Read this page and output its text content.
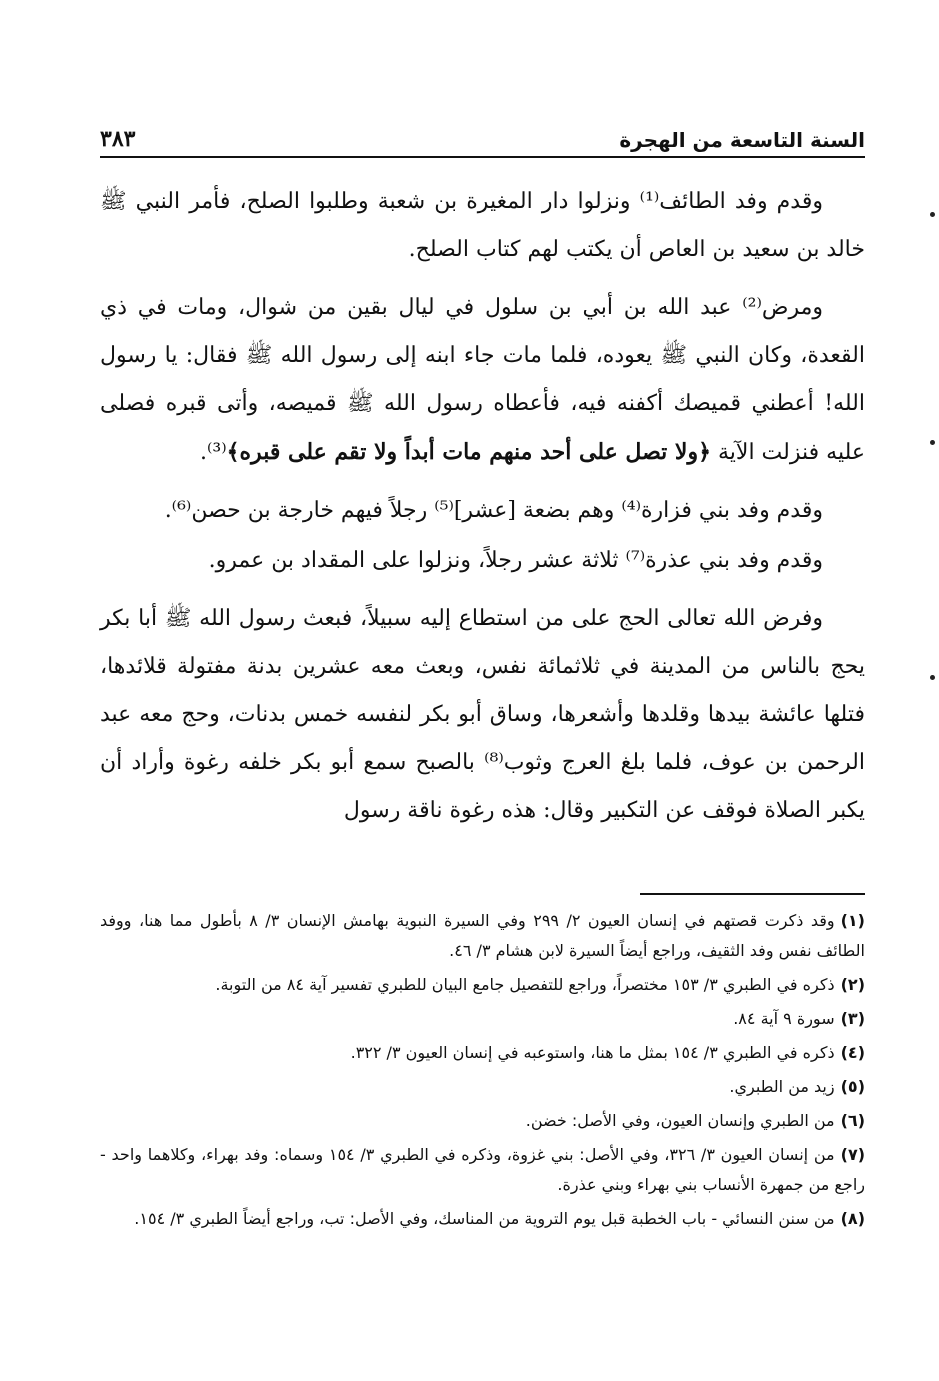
السنة التاسعة من الهجرة
٣٨٣

وقدم وفد الطائف⁽¹⁾ ونزلوا دار المغيرة بن شعبة وطلبوا الصلح، فأمر النبي ﷺ خالد بن سعيد بن العاص أن يكتب لهم كتاب الصلح.

ومرض⁽²⁾ عبد الله بن أبي بن سلول في ليال بقين من شوال، ومات في ذي القعدة، وكان النبي ﷺ يعوده، فلما مات جاء ابنه إلى رسول الله ﷺ فقال: يا رسول الله! أعطني قميصك أكفنه فيه، فأعطاه رسول الله ﷺ قميصه، وأتى قبره فصلى عليه فنزلت الآية ﴿ولا تصل على أحد منهم مات أبداً ولا تقم على قبره﴾⁽³⁾.

وقدم وفد بني فزارة⁽⁴⁾ وهم بضعة [عشر]⁽⁵⁾ رجلاً فيهم خارجة بن حصن⁽⁶⁾.

وقدم وفد بني عذرة⁽⁷⁾ ثلاثة عشر رجلاً، ونزلوا على المقداد بن عمرو.

وفرض الله تعالى الحج على من استطاع إليه سبيلاً، فبعث رسول الله ﷺ أبا بكر يحج بالناس من المدينة في ثلاثمائة نفس، وبعث معه عشرين بدنة مفتولة قلائدها، فتلها عائشة بيدها وقلدها وأشعرها، وساق أبو بكر لنفسه خمس بدنات، وحج معه عبد الرحمن بن عوف، فلما بلغ العرج وثوب⁽⁸⁾ بالصبح سمع أبو بكر خلفه رغوة وأراد أن يكبر الصلاة فوقف عن التكبير وقال: هذه رغوة ناقة رسول

(١)وقد ذكرت قصتهم في إنسان العيون ٢/ ٢٩٩ وفي السيرة النبوية بهامش الإنسان ٣/ ٨ بأطول مما هنا، ووفد الطائف نفس وفد الثقيف، وراجع أيضاً السيرة لابن هشام ٣/ ٤٦.

(٢)ذكره في الطبري ٣/ ١٥٣ مختصراً، وراجع للتفصيل جامع البيان للطبري تفسير آية ٨٤ من التوبة.

(٣)سورة ٩ آية ٨٤.

(٤)ذكره في الطبري ٣/ ١٥٤ بمثل ما هنا، واستوعبه في إنسان العيون ٣/ ٣٢٢.

(٥)زيد من الطبري.

(٦)من الطبري وإنسان العيون، وفي الأصل: خضن.

(٧)من إنسان العيون ٣/ ٣٢٦، وفي الأصل: بني غزوة، وذكره في الطبري ٣/ ١٥٤ وسماه: وفد بهراء، وكلاهما واحد - راجع من جمهرة الأنساب بني بهراء وبني عذرة.

(٨)من سنن النسائي - باب الخطبة قبل يوم التروية من المناسك، وفي الأصل: تب، وراجع أيضاً الطبري ٣/ ١٥٤.
